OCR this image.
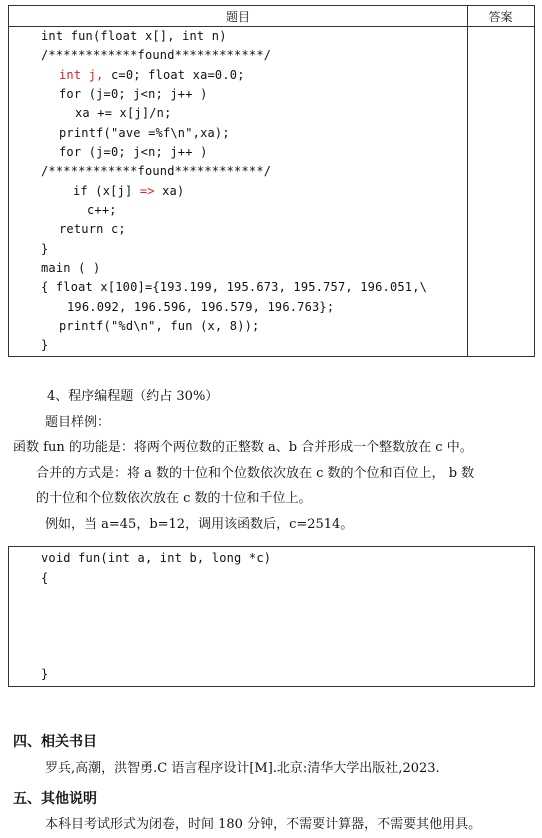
题目	答案
int fun(float x[], int n)
/************found************/
int j, c=0; float xa=0.0;
for (j=0; j<n; j++ )
xa += x[j]/n;
printf("ave =%f\n",xa);
for (j=0; j<n; j++ )
/************found************/
if (x[j] => xa)
c++;
return c;
}
main ( )
{ float x[100]={193.199, 195.673, 195.757, 196.051,\
196.092, 196.596, 196.579, 196.763};
printf("%d\n", fun (x, 8));
}
4、程序编程题（约占 30%）
题目样例：
函数 fun 的功能是：将两个两位数的正整数 a、b 合并形成一个整数放在 c 中。
合并的方式是：将 a 数的十位和个位数依次放在 c 数的个位和百位上， b 数
的十位和个位数依次放在 c 数的十位和千位上。
例如，当 a=45，b=12，调用该函数后，c=2514。
void fun(int a, int b, long *c)
{
}
四、相关书目
罗兵,高潮，洪智勇.C 语言程序设计[M].北京:清华大学出版社,2023.
五、其他说明
本科目考试形式为闭卷，时间 180 分钟，不需要计算器，不需要其他用具。
